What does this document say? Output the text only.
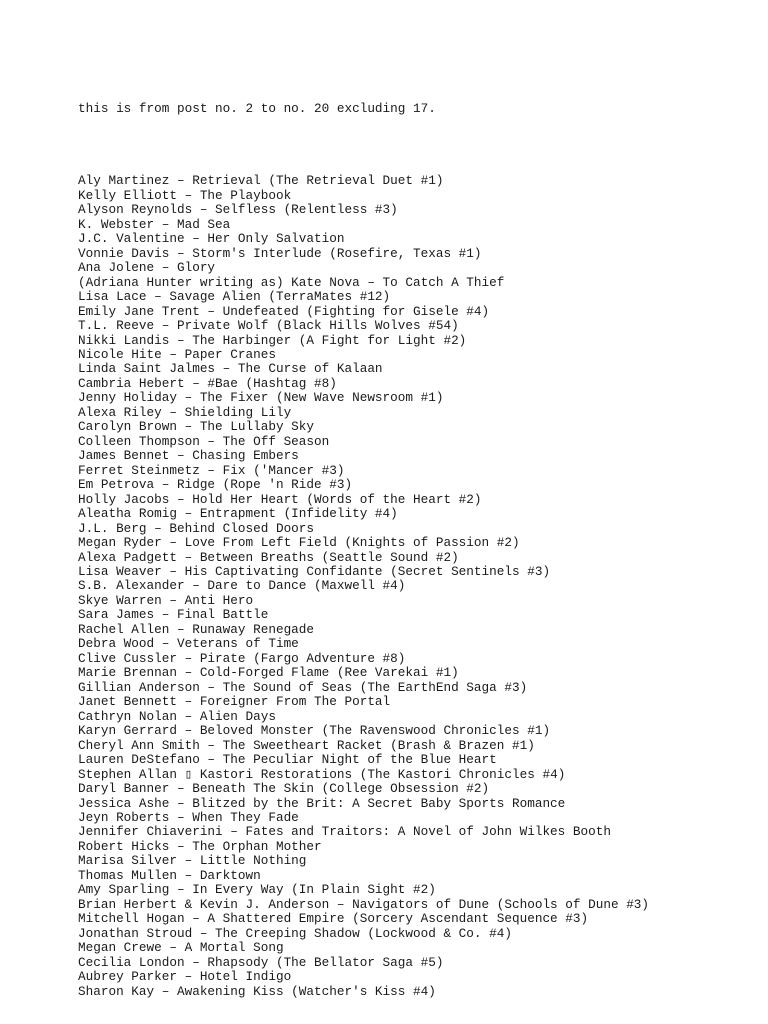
this is from post no. 2 to no. 20 excluding 17.

Aly Martinez – Retrieval (The Retrieval Duet #1)
Kelly Elliott – The Playbook
Alyson Reynolds – Selfless (Relentless #3)
K. Webster – Mad Sea
J.C. Valentine – Her Only Salvation
Vonnie Davis – Storm's Interlude (Rosefire, Texas #1)
Ana Jolene – Glory
(Adriana Hunter writing as) Kate Nova – To Catch A Thief
Lisa Lace – Savage Alien (TerraMates #12)
Emily Jane Trent – Undefeated (Fighting for Gisele #4)
T.L. Reeve – Private Wolf (Black Hills Wolves #54)
Nikki Landis – The Harbinger (A Fight for Light #2)
Nicole Hite – Paper Cranes
Linda Saint Jalmes – The Curse of Kalaan
Cambria Hebert – #Bae (Hashtag #8)
Jenny Holiday – The Fixer (New Wave Newsroom #1)
Alexa Riley – Shielding Lily
Carolyn Brown – The Lullaby Sky
Colleen Thompson – The Off Season
James Bennet – Chasing Embers
Ferret Steinmetz – Fix ('Mancer #3)
Em Petrova – Ridge (Rope 'n Ride #3)
Holly Jacobs – Hold Her Heart (Words of the Heart #2)
Aleatha Romig – Entrapment (Infidelity #4)
J.L. Berg – Behind Closed Doors
Megan Ryder – Love From Left Field (Knights of Passion #2)
Alexa Padgett – Between Breaths (Seattle Sound #2)
Lisa Weaver – His Captivating Confidante (Secret Sentinels #3)
S.B. Alexander – Dare to Dance (Maxwell #4)
Skye Warren – Anti Hero
Sara James – Final Battle
Rachel Allen – Runaway Renegade
Debra Wood – Veterans of Time
Clive Cussler – Pirate (Fargo Adventure #8)
Marie Brennan – Cold-Forged Flame (Ree Varekai #1)
Gillian Anderson – The Sound of Seas (The EarthEnd Saga #3)
Janet Bennett – Foreigner From The Portal
Cathryn Nolan – Alien Days
Karyn Gerrard – Beloved Monster (The Ravenswood Chronicles #1)
Cheryl Ann Smith – The Sweetheart Racket (Brash & Brazen #1)
Lauren DeStefano – The Peculiar Night of the Blue Heart
Stephen Allan ▯ Kastori Restorations (The Kastori Chronicles #4)
Daryl Banner – Beneath The Skin (College Obsession #2)
Jessica Ashe – Blitzed by the Brit: A Secret Baby Sports Romance
Jeyn Roberts – When They Fade
Jennifer Chiaverini – Fates and Traitors: A Novel of John Wilkes Booth
Robert Hicks – The Orphan Mother
Marisa Silver – Little Nothing
Thomas Mullen – Darktown
Amy Sparling – In Every Way (In Plain Sight #2)
Brian Herbert & Kevin J. Anderson – Navigators of Dune (Schools of Dune #3)
Mitchell Hogan – A Shattered Empire (Sorcery Ascendant Sequence #3)
Jonathan Stroud – The Creeping Shadow (Lockwood & Co. #4)
Megan Crewe – A Mortal Song
Cecilia London – Rhapsody (The Bellator Saga #5)
Aubrey Parker – Hotel Indigo
Sharon Kay – Awakening Kiss (Watcher's Kiss #4)
